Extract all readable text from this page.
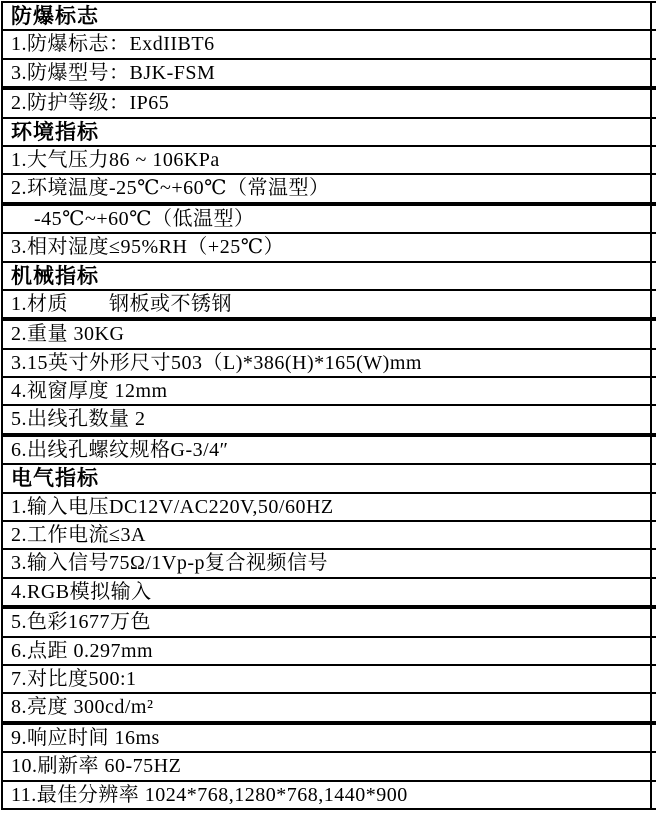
防爆标志
1.防爆标志：ExdIIBT6
3.防爆型号：BJK-FSM
2.防护等级：IP65
环境指标
1.大气压力86 ~ 106KPa
2.环境温度-25℃~+60℃（常温型）
-45℃~+60℃（低温型）
3.相对湿度≤95%RH（+25℃）
机械指标
1.材质　　钢板或不锈钢
2.重量 30KG
3.15英寸外形尺寸503（L)*386(H)*165(W)mm
4.视窗厚度 12mm
5.出线孔数量 2
6.出线孔螺纹规格G-3/4″
电气指标
1.输入电压DC12V/AC220V,50/60HZ
2.工作电流≤3A
3.输入信号75Ω/1Vp-p复合视频信号
4.RGB模拟输入
5.色彩1677万色
6.点距 0.297mm
7.对比度500:1
8.亮度 300cd/m²
9.响应时间 16ms
10.刷新率 60-75HZ
11.最佳分辨率 1024*768,1280*768,1440*900
